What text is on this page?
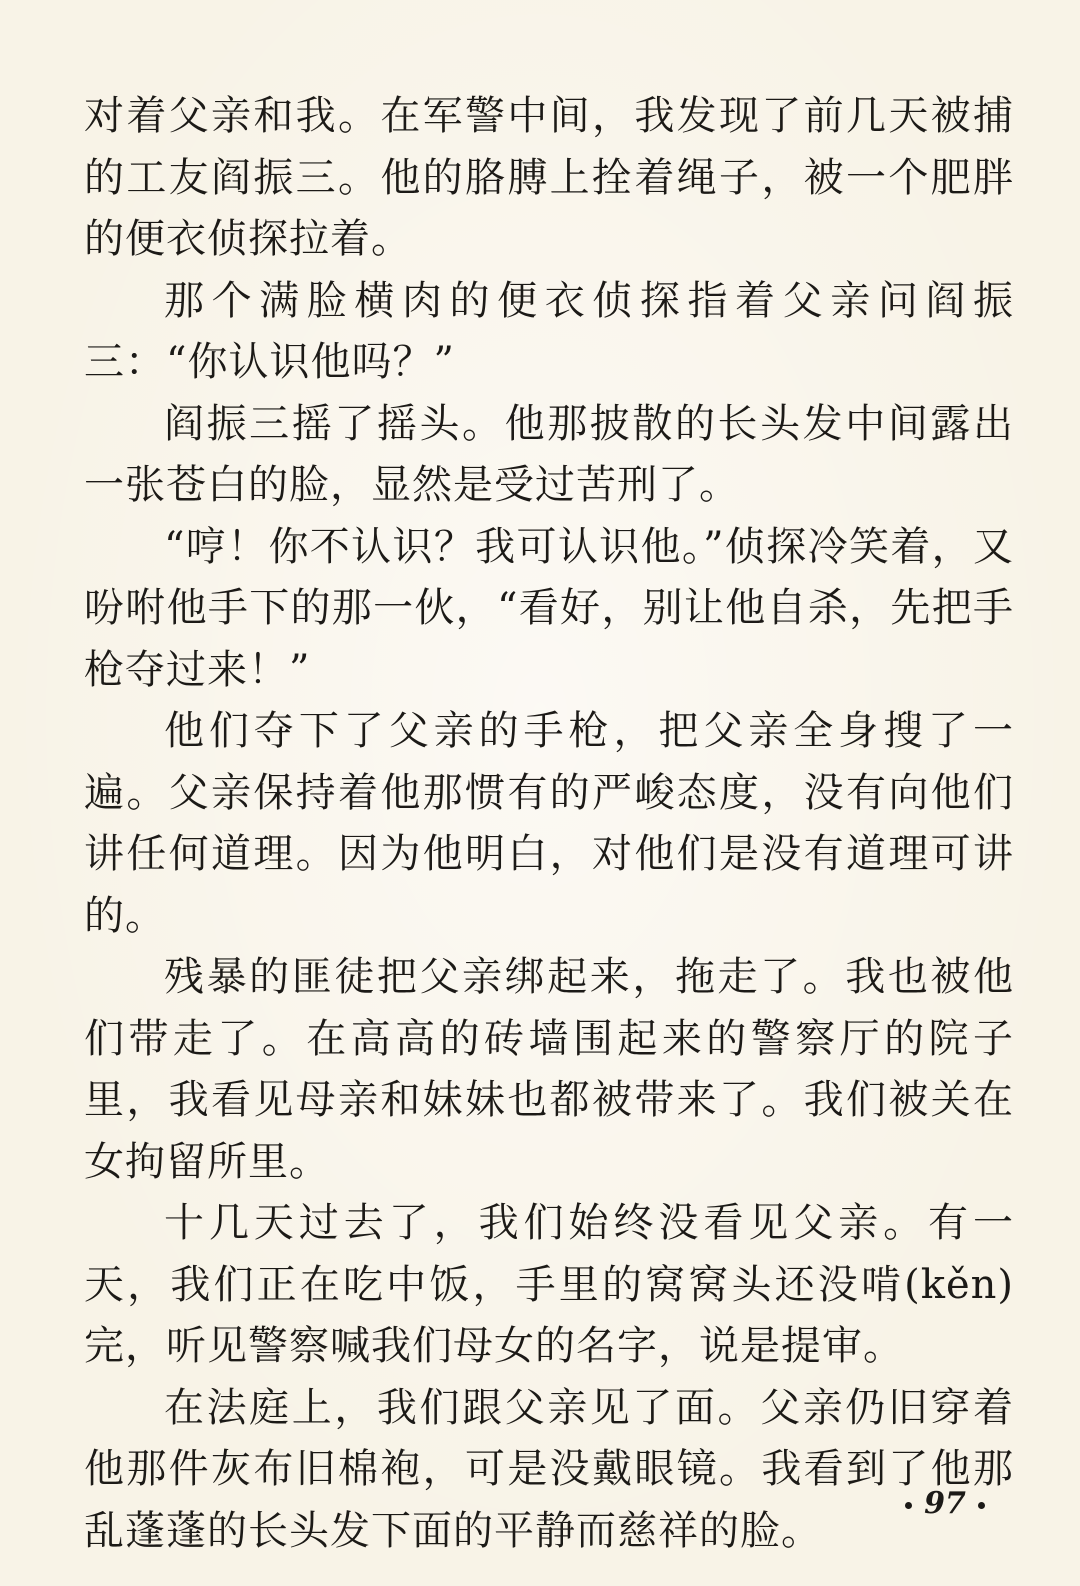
对着父亲和我。在军警中间，我发现了前几天被捕的工友阎振三。他的胳膊上拴着绳子，被一个肥胖的便衣侦探拉着。

那个满脸横肉的便衣侦探指着父亲问阎振三：“你认识他吗？”

阎振三摇了摇头。他那披散的长头发中间露出一张苍白的脸，显然是受过苦刑了。

“哼！你不认识？我可认识他。”侦探冷笑着，又吩咐他手下的那一伙，“看好，别让他自杀，先把手枪夺过来！”

他们夺下了父亲的手枪，把父亲全身搜了一遍。父亲保持着他那惯有的严峻态度，没有向他们讲任何道理。因为他明白，对他们是没有道理可讲的。

残暴的匪徒把父亲绑起来，拖走了。我也被他们带走了。在高高的砖墙围起来的警察厅的院子里，我看见母亲和妹妹也都被带来了。我们被关在女拘留所里。

十几天过去了，我们始终没看见父亲。有一天，我们正在吃中饭，手里的窝窝头还没啃(kěn)完，听见警察喊我们母女的名字，说是提审。

在法庭上，我们跟父亲见了面。父亲仍旧穿着他那件灰布旧棉袍，可是没戴眼镜。我看到了他那乱蓬蓬的长头发下面的平静而慈祥的脸。

97
